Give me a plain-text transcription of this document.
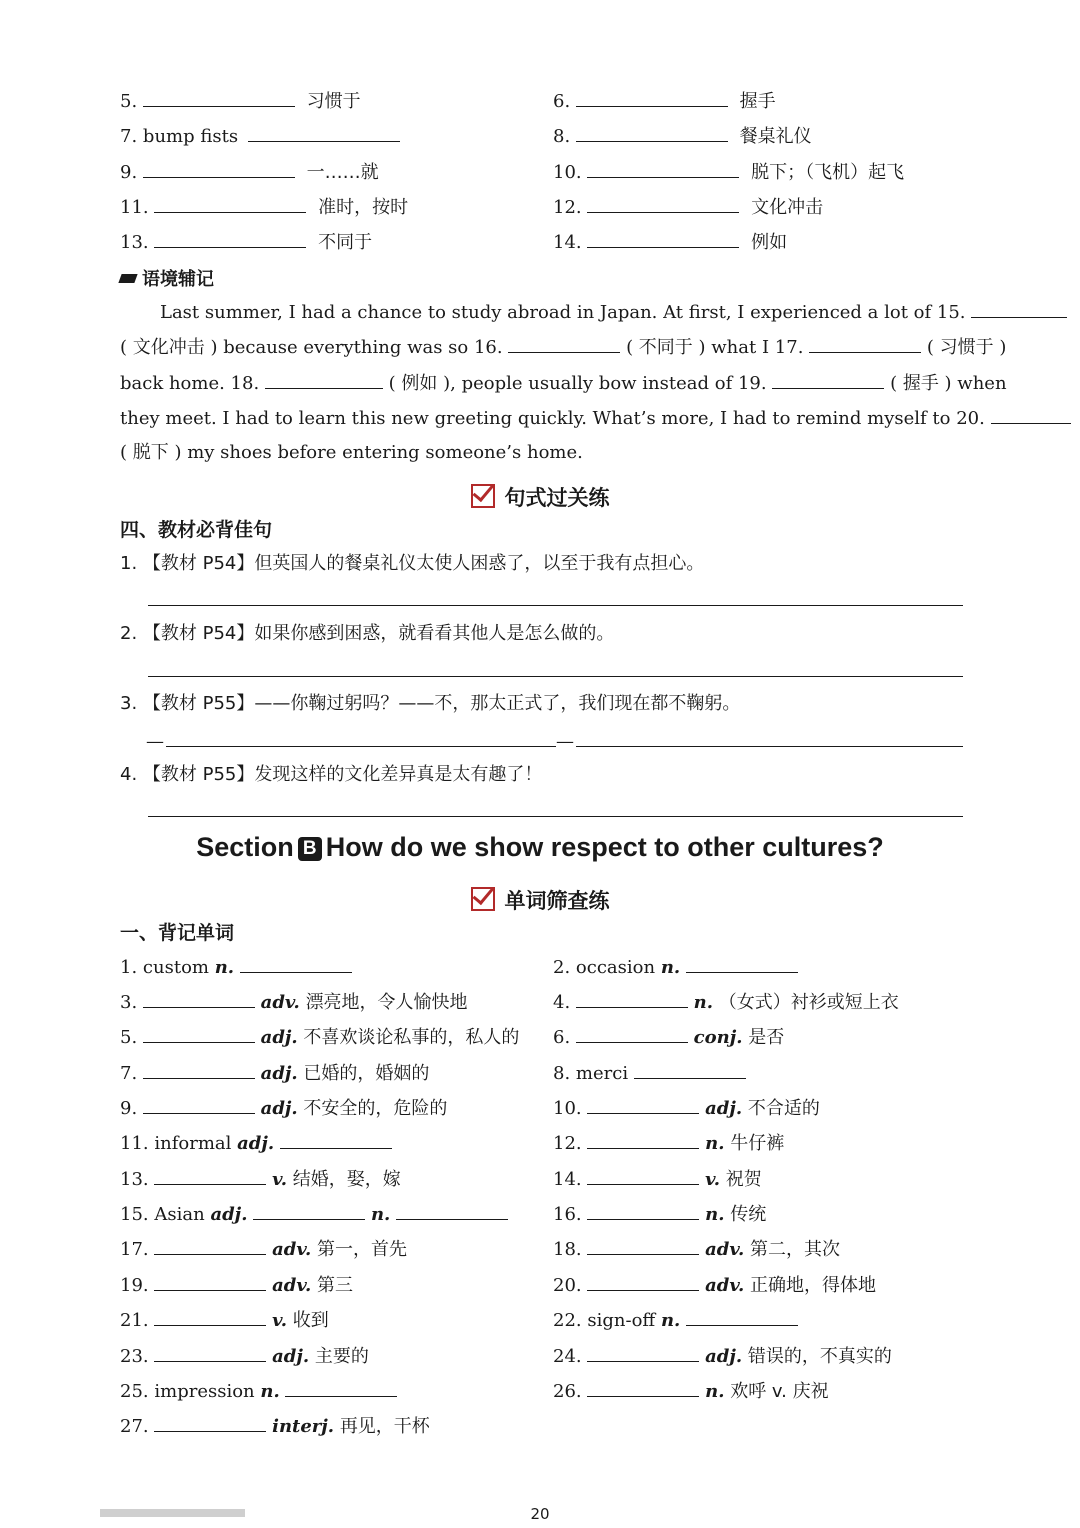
5.	习惯于	6.	握手
7. bump fists	8.	餐桌礼仪
9.	一……就	10.	脱下；（飞机）起飞
11.	准时，按时	12.	文化冲击
13.	不同于	14.	例如
语境辅记
Last summer, I had a chance to study abroad in Japan. At first, I experienced a lot of 15.
( 文化冲击 ) because everything was so 16.	( 不同于 ) what I 17.	( 习惯于 )
back home. 18.	( 例如 ), people usually bow instead of 19.	( 握手 ) when
they meet. I had to learn this new greeting quickly. What’s more, I had to remind myself to 20.
( 脱下 ) my shoes before entering someone’s home.
句式过关练
四、教材必背佳句
1. 【教材 P54】但英国人的餐桌礼仪太使人困惑了，以至于我有点担心。
2. 【教材 P54】如果你感到困惑，就看看其他人是怎么做的。
3. 【教材 P55】——你鞠过躬吗？——不，那太正式了，我们现在都不鞠躬。
—	—
4. 【教材 P55】发现这样的文化差异真是太有趣了！
Section B How do we show respect to other cultures?
单词筛查练
一、背记单词
1. custom n.	2. occasion n.
3.	adv. 漂亮地，令人愉快地	4.	n. （女式）衬衫或短上衣
5.	adj. 不喜欢谈论私事的，私人的 6.	conj. 是否
7.	adj. 已婚的，婚姻的	8. merci
9.	adj. 不安全的，危险的	10.	adj. 不合适的
11. informal adj.	12.	n. 牛仔裤
13.	v. 结婚，娶，嫁	14.	v. 祝贺
15. Asian adj.	n.	16.	n. 传统
17.	adv. 第一，首先	18.	adv. 第二，其次
19.	adv. 第三	20.	adv. 正确地，得体地
21.	v. 收到	22. sign-off n.
23.	adj. 主要的	24.	adj. 错误的，不真实的
25. impression n.	26.	n. 欢呼 v. 庆祝
27.	interj. 再见，干杯
20
